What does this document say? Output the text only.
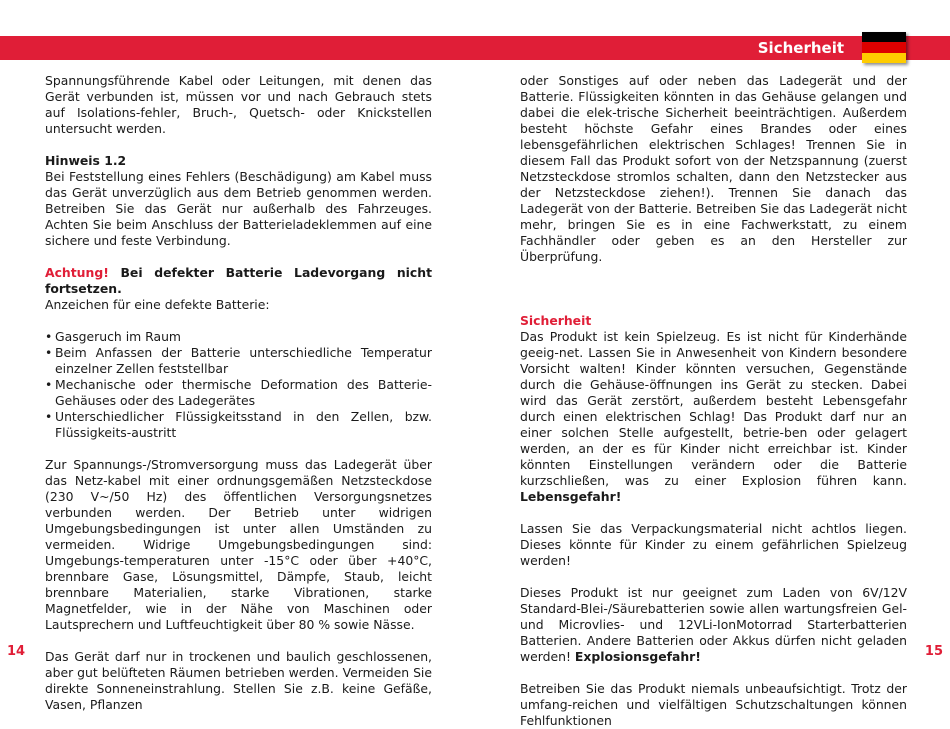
Sicherheit

Spannungsführende Kabel oder Leitungen, mit denen das Gerät verbunden ist, müssen vor und nach Gebrauch stets auf Isolations-fehler, Bruch-, Quetsch- oder Knickstellen untersucht werden.

Hinweis 1.2

Bei Feststellung eines Fehlers (Beschädigung) am Kabel muss das Gerät unverzüglich aus dem Betrieb genommen werden. Betreiben Sie das Gerät nur außerhalb des Fahrzeuges. Achten Sie beim Anschluss der Batterieladeklemmen auf eine sichere und feste Verbindung.

Achtung! Bei defekter Batterie Ladevorgang nicht fortsetzen.

Anzeichen für eine defekte Batterie:

• Gasgeruch im Raum
• Beim Anfassen der Batterie unterschiedliche Temperatur einzelner Zellen feststellbar
• Mechanische oder thermische Deformation des Batterie-Gehäuses oder des Ladegerätes
• Unterschiedlicher Flüssigkeitsstand in den Zellen, bzw. Flüssigkeits-austritt

Zur Spannungs-/Stromversorgung muss das Ladegerät über das Netz-kabel mit einer ordnungsgemäßen Netzsteckdose (230 V~/50 Hz) des öffentlichen Versorgungsnetzes verbunden werden. Der Betrieb unter widrigen Umgebungsbedingungen ist unter allen Umständen zu vermeiden. Widrige Umgebungsbedingungen sind: Umgebungs-temperaturen unter -15°C oder über +40°C, brennbare Gase, Lösungsmittel, Dämpfe, Staub, leicht brennbare Materialien, starke Vibrationen, starke Magnetfelder, wie in der Nähe von Maschinen oder Lautsprechern und Luftfeuchtigkeit über 80 % sowie Nässe.

Das Gerät darf nur in trockenen und baulich geschlossenen, aber gut belüfteten Räumen betrieben werden. Vermeiden Sie direkte Sonneneinstrahlung. Stellen Sie z.B. keine Gefäße, Vasen, Pflanzen

oder Sonstiges auf oder neben das Ladegerät und der Batterie. Flüssigkeiten könnten in das Gehäuse gelangen und dabei die elek-trische Sicherheit beeinträchtigen. Außerdem besteht höchste Gefahr eines Brandes oder eines lebensgefährlichen elektrischen Schlages! Trennen Sie in diesem Fall das Produkt sofort von der Netzspannung (zuerst Netzsteckdose stromlos schalten, dann den Netzstecker aus der Netzsteckdose ziehen!). Trennen Sie danach das Ladegerät von der Batterie. Betreiben Sie das Ladegerät nicht mehr, bringen Sie es in eine Fachwerkstatt, zu einem Fachhändler oder geben es an den Hersteller zur Überprüfung.

Sicherheit

Das Produkt ist kein Spielzeug. Es ist nicht für Kinderhände geeig-net. Lassen Sie in Anwesenheit von Kindern besondere Vorsicht walten! Kinder könnten versuchen, Gegenstände durch die Gehäuse-öffnungen ins Gerät zu stecken. Dabei wird das Gerät zerstört, außerdem besteht Lebensgefahr durch einen elektrischen Schlag! Das Produkt darf nur an einer solchen Stelle aufgestellt, betrie-ben oder gelagert werden, an der es für Kinder nicht erreichbar ist. Kinder könnten Einstellungen verändern oder die Batterie kurzschließen, was zu einer Explosion führen kann. Lebensgefahr!

Lassen Sie das Verpackungsmaterial nicht achtlos liegen. Dieses könnte für Kinder zu einem gefährlichen Spielzeug werden!

Dieses Produkt ist nur geeignet zum Laden von 6V/12V Standard-Blei-/Säurebatterien sowie allen wartungsfreien Gel- und Microvlies- und 12VLi-IonMotorrad Starterbatterien Batterien. Andere Batterien oder Akkus dürfen nicht geladen werden! Explosionsgefahr!

Betreiben Sie das Produkt niemals unbeaufsichtigt. Trotz der umfang-reichen und vielfältigen Schutzschaltungen können Fehlfunktionen

14	15
